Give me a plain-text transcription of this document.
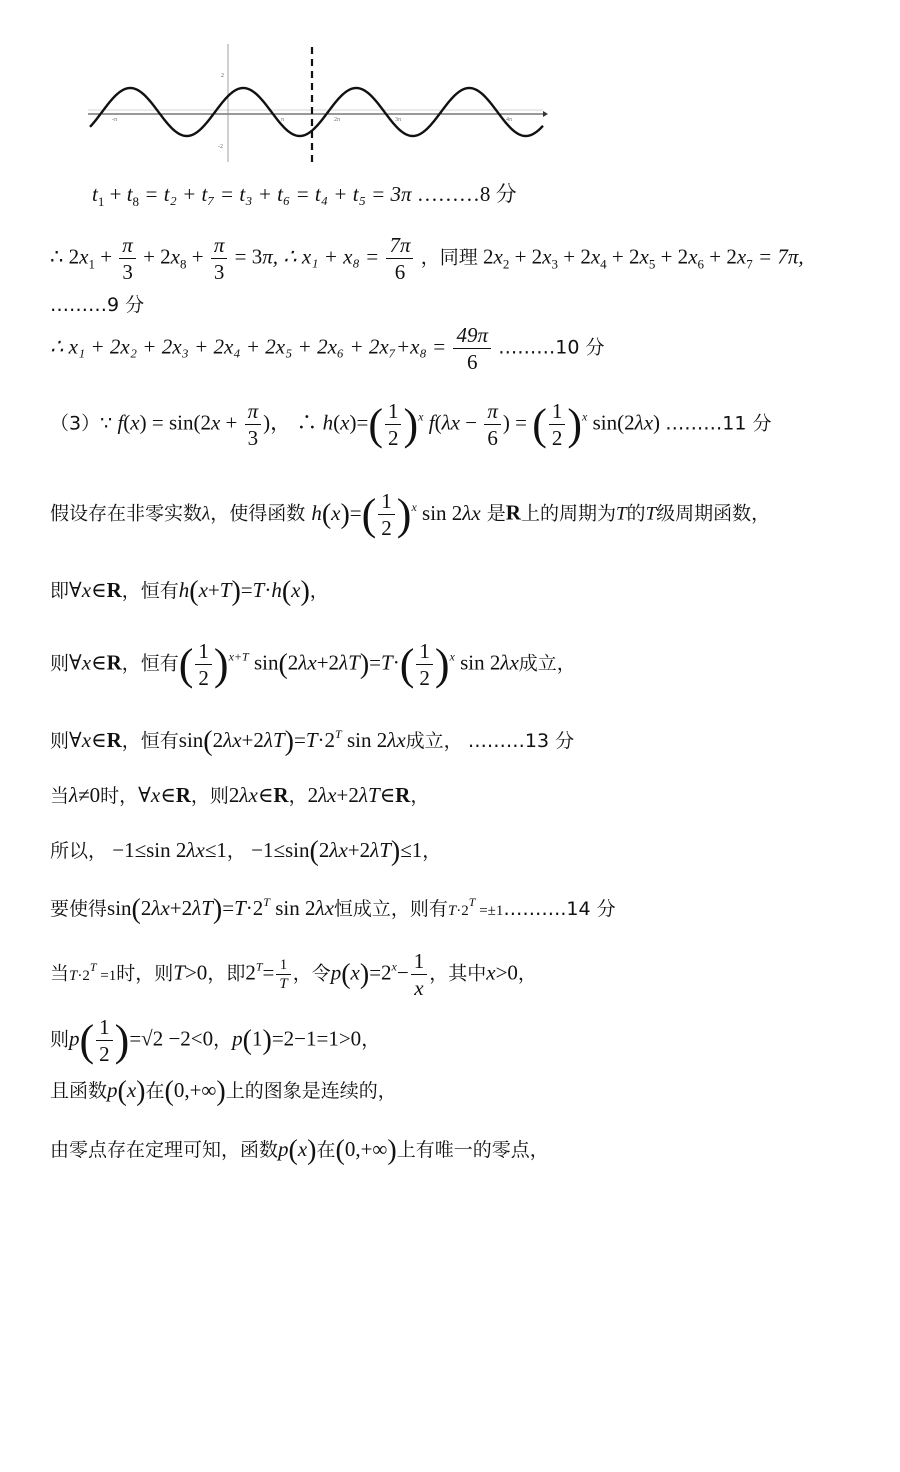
2
-2
-π	π	2π	3π	4π
$t_1 + t_8 = t_2 + t_7 = t_3 + t_6 = t_4 + t_5 = 3\pi$ ………8 分
∴ $2x_1 + \frac{\pi}{3} + 2x_8 + \frac{\pi}{3} = 3\pi$, ∴ $x_1 + x_8 = \frac{7\pi}{6}$ ，同理 $2x_2 + 2x_3 + 2x_4 + 2x_5 + 2x_6 + 2x_7 = 7\pi$,
………9 分
∴ $x_1 + 2x_2 + 2x_3 + 2x_4 + 2x_5 + 2x_6 + 2x_7+x_8 = \frac{49\pi}{6}$ ………10 分
（3）∵ $f(x) = \sin(2x + \frac{\pi}{3}$ )， ∴ $h(x)=( \frac{1}{2} )^x$ $f(\lambda x - \frac{\pi}{6}$ ) = ( $\frac{1}{2} )^x$ sin(2λx) ………11 分
假设存在非零实数λ，使得函数 $h(x)=( \frac{1}{2} )^x$ sin 2λx 是R上的周期为T的T级周期函数，
即∀x∈R，恒有h(x+T)=T·h(x)，
则∀x∈R，恒有( $\frac{1}{2} )^{x+T}$ $\sin(2\lambda x+2\lambda T)=T\cdot( \frac{1}{2} )^x$ sin 2λx成立，
则∀x∈R，恒有$\sin(2\lambda x+2\lambda T)=T\cdot 2^T$ sin 2λx成立， ………13 分
当λ≠0时，∀x∈R，则2λx∈R，2λx+2λT∈R，
所以， −1≤sin 2λx≤1， −1≤sin(2λx+2λT)≤1，
要使得$\sin(2\lambda x+2\lambda T)=T\cdot 2^T$ sin 2λx恒成立，则有$T\cdot 2^T$ =±1……….14 分
当$T\cdot 2^T =1$时，则T>0，即$2^T= \frac{1}{T}$ ，令$p(x)=2^x- \frac{1}{x}$ ，其中x>0，
则$p( \frac{1}{2} )=√2 -2<0$，p(1)=2−1=1>0，
且函数p(x)在(0,+∞)上的图象是连续的，
由零点存在定理可知，函数p(x)在(0,+∞)上有唯一的零点，
